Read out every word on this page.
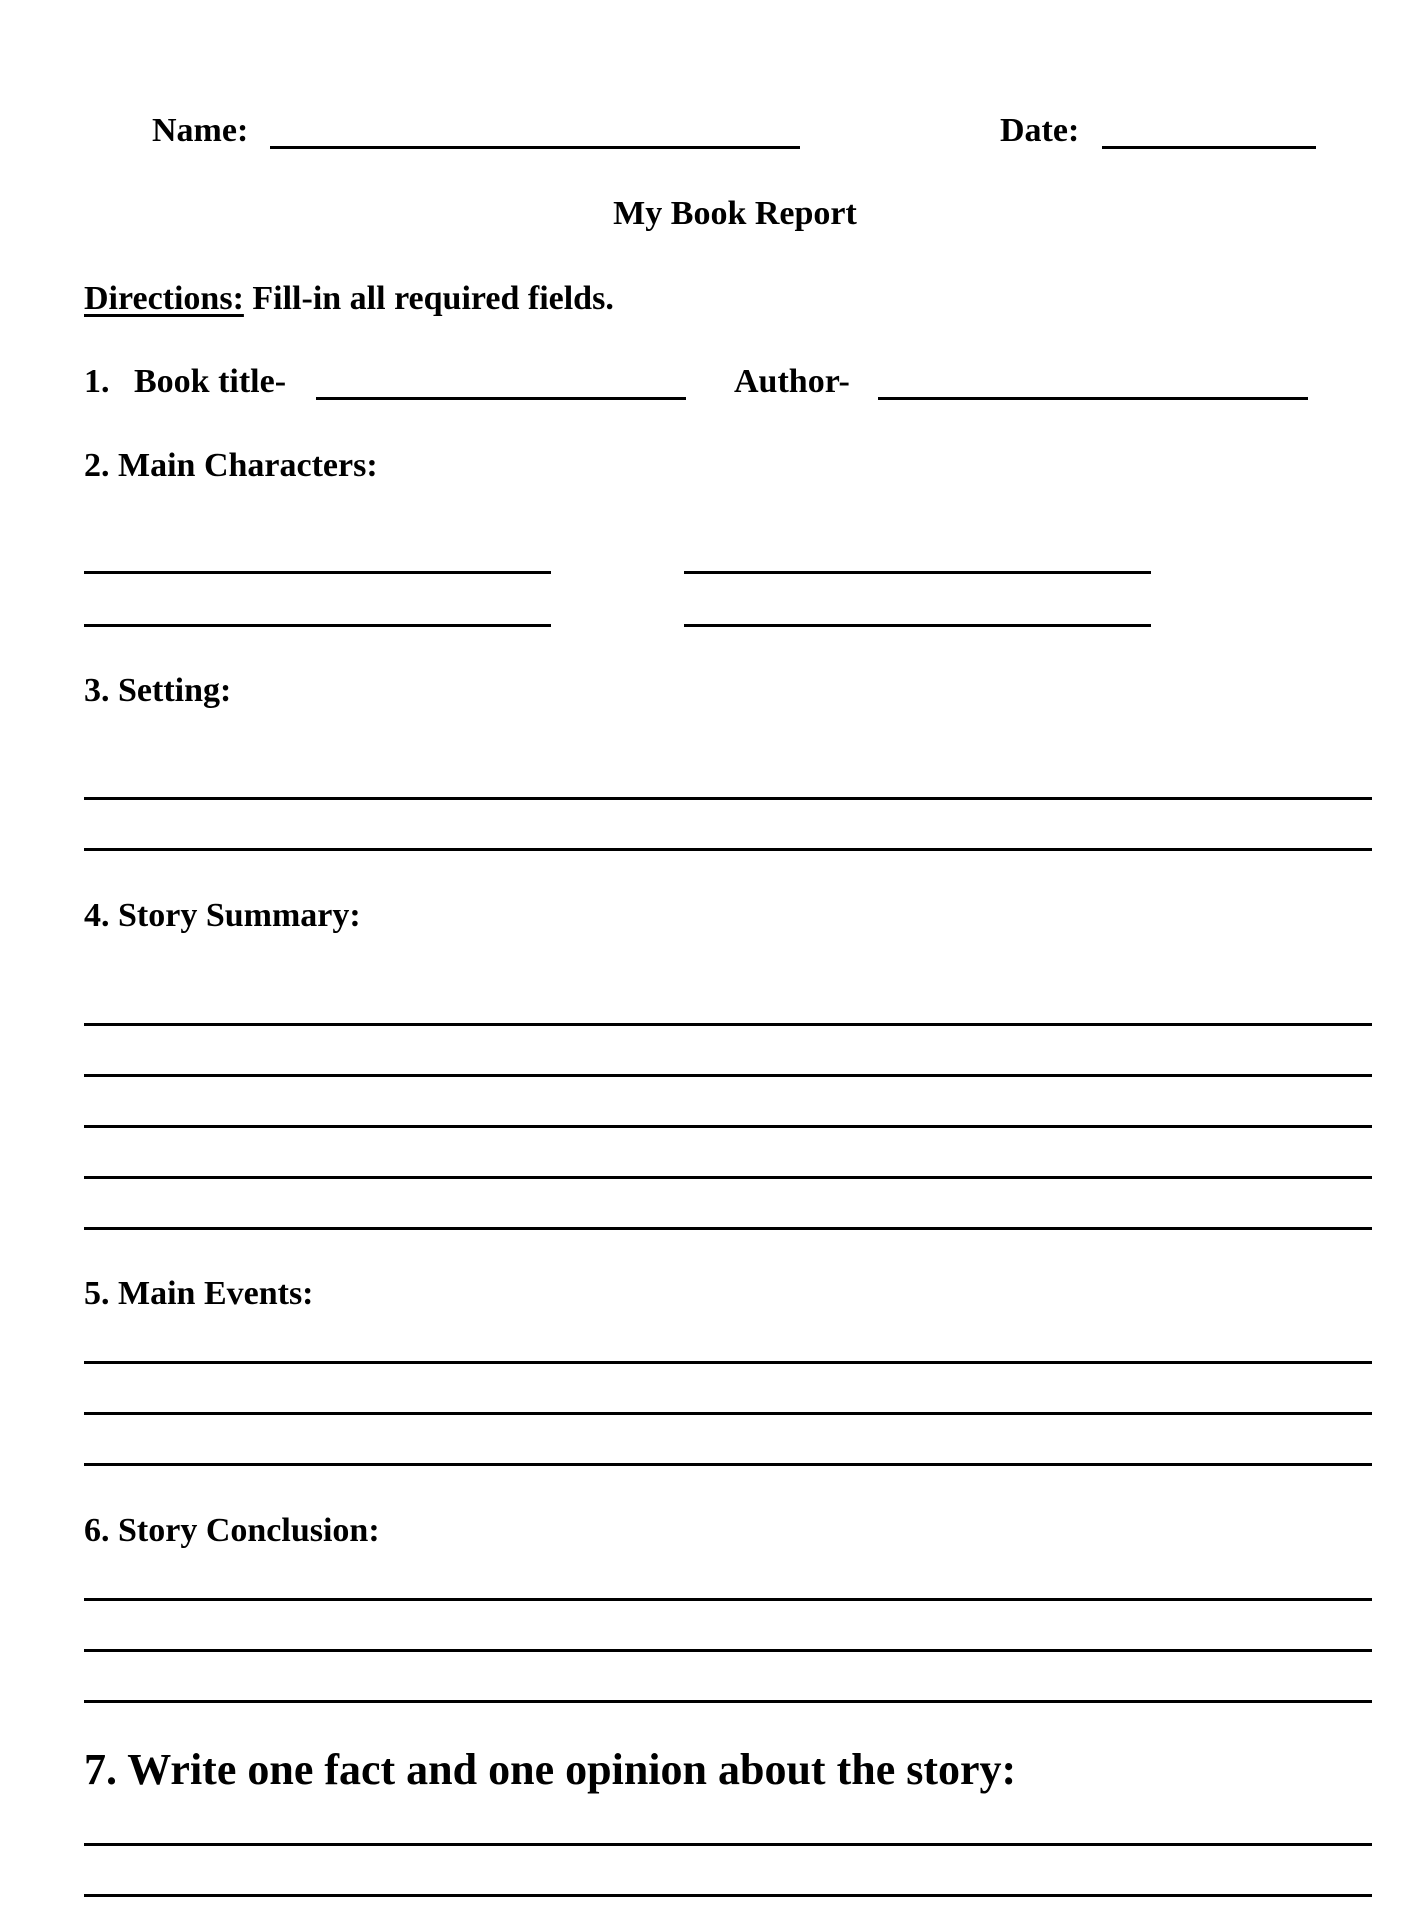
Name:	Date:
My Book Report
Directions: Fill-in all required fields.
1. Book title-	Author-
2. Main Characters:
3. Setting:
4. Story Summary:
5. Main Events:
6. Story Conclusion:
7. Write one fact and one opinion about the story:
